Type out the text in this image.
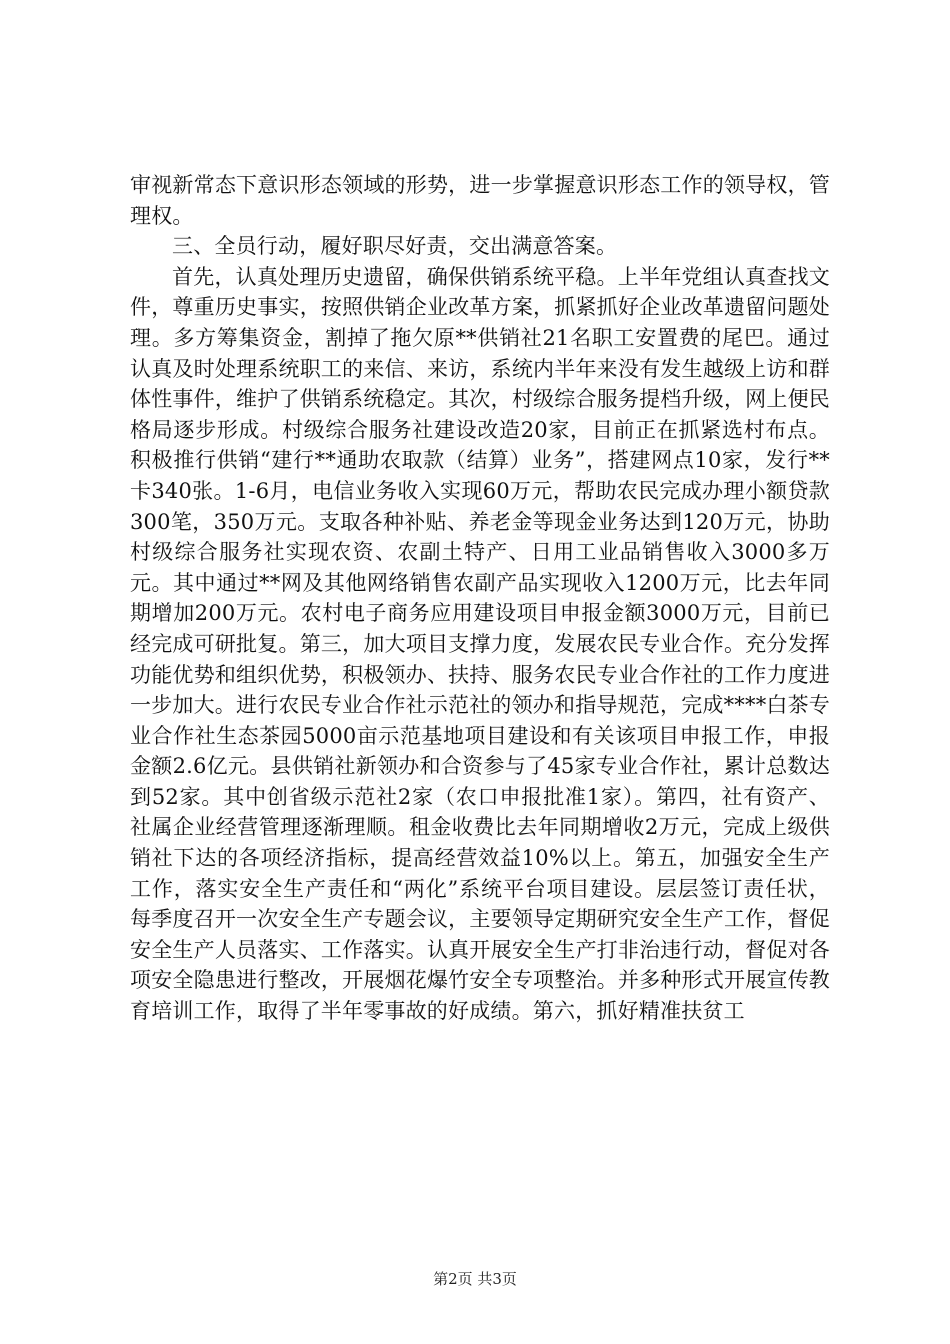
审视新常态下意识形态领域的形势，进一步掌握意识形态工作的领导权，管理权。

三、全员行动，履好职尽好责，交出满意答案。

首先，认真处理历史遗留，确保供销系统平稳。上半年党组认真查找文件，尊重历史事实，按照供销企业改革方案，抓紧抓好企业改革遗留问题处理。多方筹集资金，割掉了拖欠原**供销社21名职工安置费的尾巴。通过认真及时处理系统职工的来信、来访，系统内半年来没有发生越级上访和群体性事件，维护了供销系统稳定。其次，村级综合服务提档升级，网上便民格局逐步形成。村级综合服务社建设改造20家，目前正在抓紧选村布点。积极推行供销“建行**通助农取款（结算）业务”，搭建网点10家，发行**卡340张。1-6月，电信业务收入实现60万元，帮助农民完成办理小额贷款300笔，350万元。支取各种补贴、养老金等现金业务达到120万元，协助村级综合服务社实现农资、农副土特产、日用工业品销售收入3000多万元。其中通过**网及其他网络销售农副产品实现收入1200万元，比去年同期增加200万元。农村电子商务应用建设项目申报金额3000万元，目前已经完成可研批复。第三，加大项目支撑力度，发展农民专业合作。充分发挥功能优势和组织优势，积极领办、扶持、服务农民专业合作社的工作力度进一步加大。进行农民专业合作社示范社的领办和指导规范，完成****白茶专业合作社生态茶园5000亩示范基地项目建设和有关该项目申报工作，申报金额2.6亿元。县供销社新领办和合资参与了45家专业合作社，累计总数达到52家。其中创省级示范社2家（农口申报批准1家）。第四，社有资产、社属企业经营管理逐渐理顺。租金收费比去年同期增收2万元，完成上级供销社下达的各项经济指标，提高经营效益10%以上。第五，加强安全生产工作，落实安全生产责任和“两化”系统平台项目建设。层层签订责任状，每季度召开一次安全生产专题会议，主要领导定期研究安全生产工作，督促安全生产人员落实、工作落实。认真开展安全生产打非治违行动，督促对各项安全隐患进行整改，开展烟花爆竹安全专项整治。并多种形式开展宣传教育培训工作，取得了半年零事故的好成绩。第六，抓好精准扶贫工

第2页 共3页
